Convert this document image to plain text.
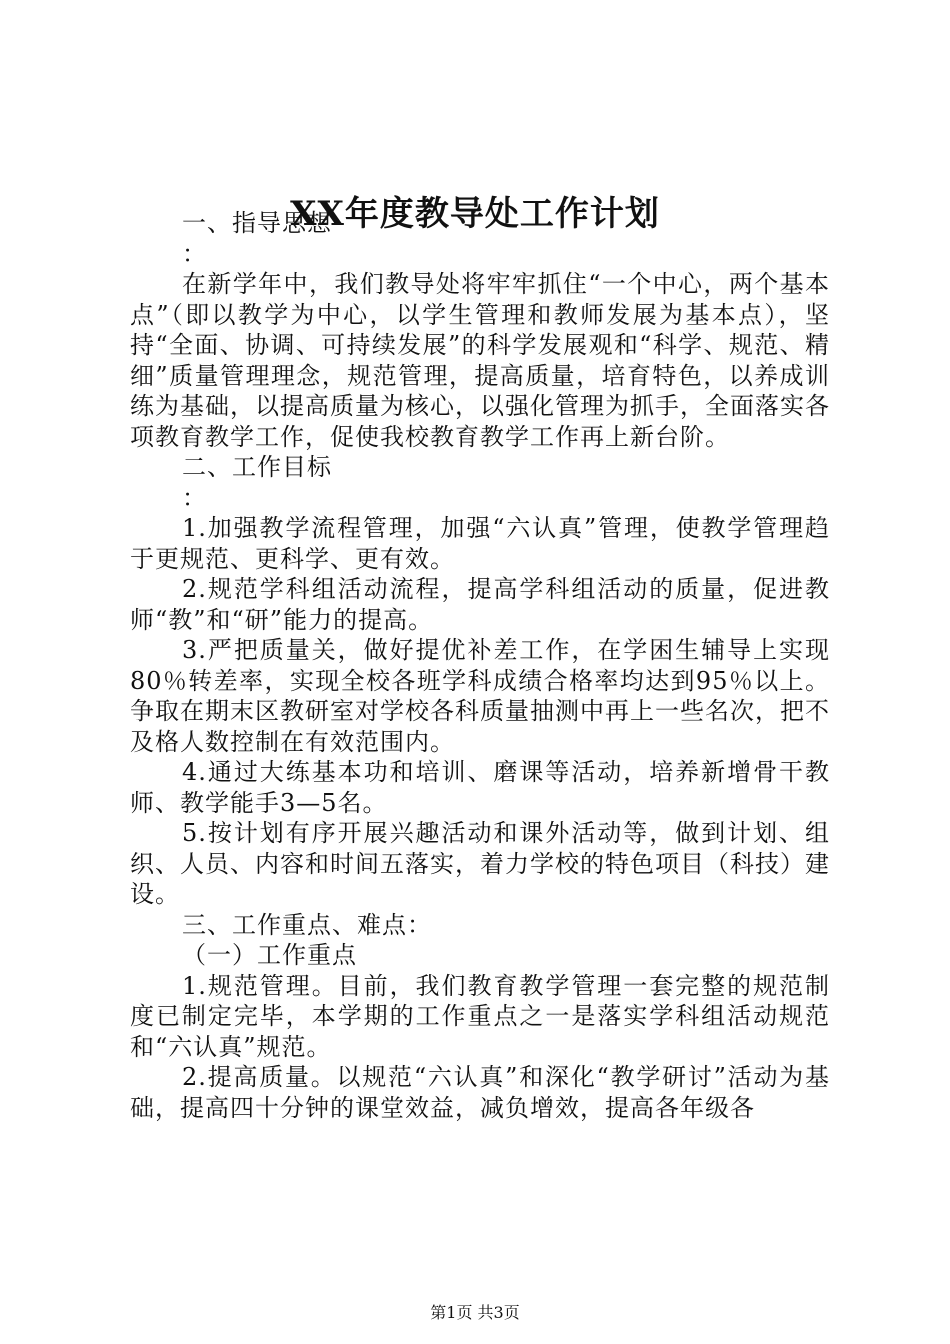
XX年度教导处工作计划

一、指导思想

：

在新学年中，我们教导处将牢牢抓住“一个中心，两个基本点”（即以教学为中心，以学生管理和教师发展为基本点），坚持“全面、协调、可持续发展”的科学发展观和“科学、规范、精细”质量管理理念，规范管理，提高质量，培育特色，以养成训练为基础，以提高质量为核心，以强化管理为抓手，全面落实各项教育教学工作，促使我校教育教学工作再上新台阶。

二、工作目标

：

1.加强教学流程管理，加强“六认真”管理，使教学管理趋于更规范、更科学、更有效。

2.规范学科组活动流程，提高学科组活动的质量，促进教师“教”和“研”能力的提高。

3.严把质量关，做好提优补差工作，在学困生辅导上实现80％转差率，实现全校各班学科成绩合格率均达到95％以上。争取在期末区教研室对学校各科质量抽测中再上一些名次，把不及格人数控制在有效范围内。

4.通过大练基本功和培训、磨课等活动，培养新增骨干教师、教学能手3—5名。

5.按计划有序开展兴趣活动和课外活动等，做到计划、组织、人员、内容和时间五落实，着力学校的特色项目（科技）建设。

三、工作重点、难点：

（一）工作重点

1.规范管理。目前，我们教育教学管理一套完整的规范制度已制定完毕，本学期的工作重点之一是落实学科组活动规范和“六认真”规范。

2.提高质量。以规范“六认真”和深化“教学研讨”活动为基础，提高四十分钟的课堂效益，减负增效，提高各年级各

第1页 共3页
